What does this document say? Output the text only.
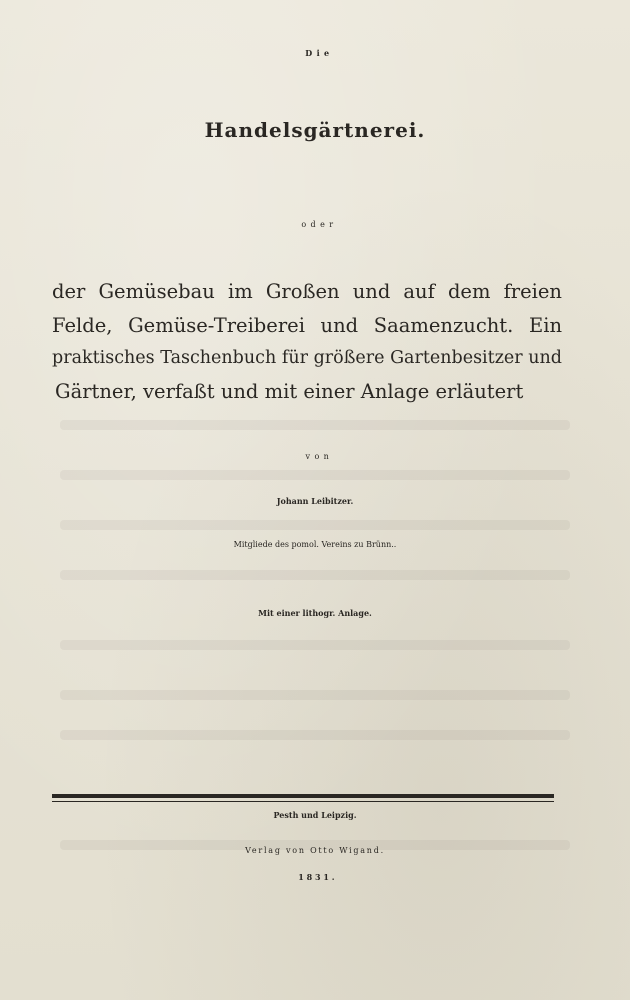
Die
Handelsgärtnerei.
oder
der Gemüsebau im Großen und auf dem freien
Felde, Gemüse-Treiberei und Saamenzucht. Ein
praktisches Taschenbuch für größere Gartenbesitzer und
Gärtner, verfaßt und mit einer Anlage erläutert
von
Johann Leibitzer.
Mitgliede des pomol. Vereins zu Brünn..
Mit einer lithogr. Anlage.
Pesth und Leipzig.
Verlag von Otto Wigand.
1831.
